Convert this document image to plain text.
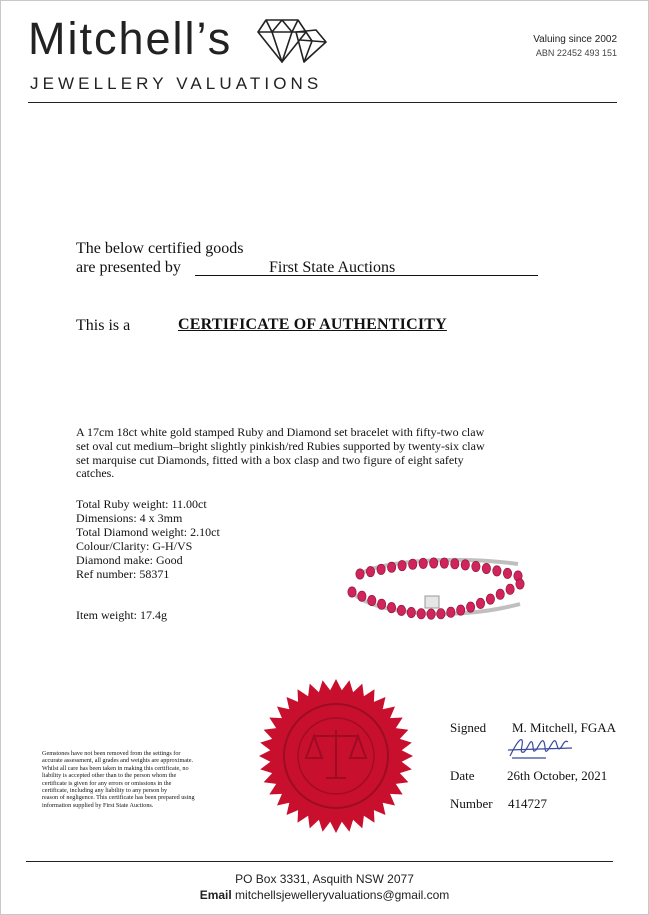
Mitchell’s
JEWELLERY VALUATIONS
Valuing since 2002
ABN 22452 493 151
The below certified goods
are presented by	First State Auctions
This is a	CERTIFICATE OF AUTHENTICITY
A 17cm 18ct white gold stamped Ruby and Diamond set bracelet with fifty-two claw
set oval cut medium–bright slightly pinkish/red Rubies supported by twenty-six claw
set marquise cut Diamonds, fitted with a box clasp and two figure of eight safety
catches.
Total Ruby weight: 11.00ct
Dimensions: 4 x 3mm
Total Diamond weight: 2.10ct
Colour/Clarity: G-H/VS
Diamond make: Good
Ref number: 58371
Item weight: 17.4g
Gemstones have not been removed from the settings for
accurate assessment, all grades and weights are approximate.
Whilst all care has been taken in making this certificate, no
liability is accepted other than to the person whom the
certificate is given for any errors or omissions in the
certificate, including any liability to any person by
reason of negligence. This certificate has been prepared using
information supplied by First State Auctions.
Signed M. Mitchell, FGAA
Date 26th October, 2021
Number 414727
PO Box 3331, Asquith NSW 2077
Email mitchellsjewelleryvaluations@gmail.com
